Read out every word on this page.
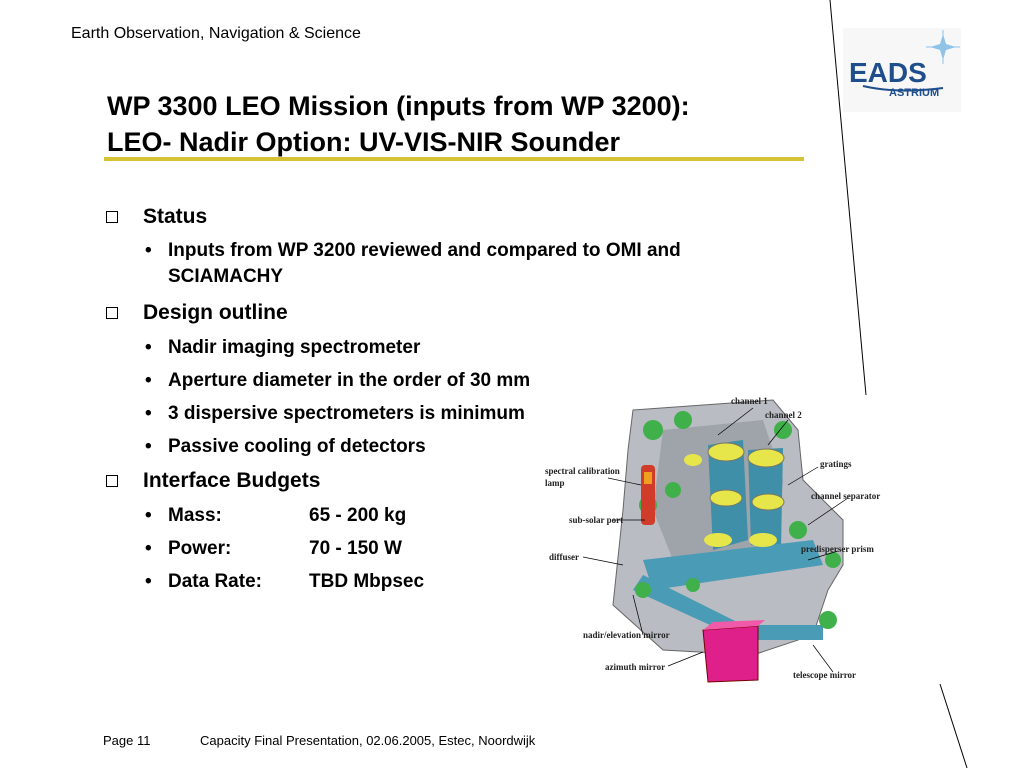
Earth Observation, Navigation & Science
EADS
ASTRIUM
WP 3300 LEO Mission (inputs from WP 3200):
LEO- Nadir Option: UV-VIS-NIR Sounder
Status
• Inputs from WP 3200 reviewed and compared to OMI and
SCIAMACHY
Design outline
• Nadir imaging spectrometer
• Aperture diameter in the order of 30 mm
• 3 dispersive spectrometers is minimum
• Passive cooling of detectors
Interface Budgets
• Mass:	65 - 200 kg
• Power:	70 - 150 W
• Data Rate: TBD Mbpsec
channel 1
channel 2
spectral calibration
lamp
gratings
channel separator
sub-solar port
predisperser prism
diffuser
nadir/elevation mirror
azimuth mirror
telescope mirror
Page 11	Capacity Final Presentation, 02.06.2005, Estec, Noordwijk
